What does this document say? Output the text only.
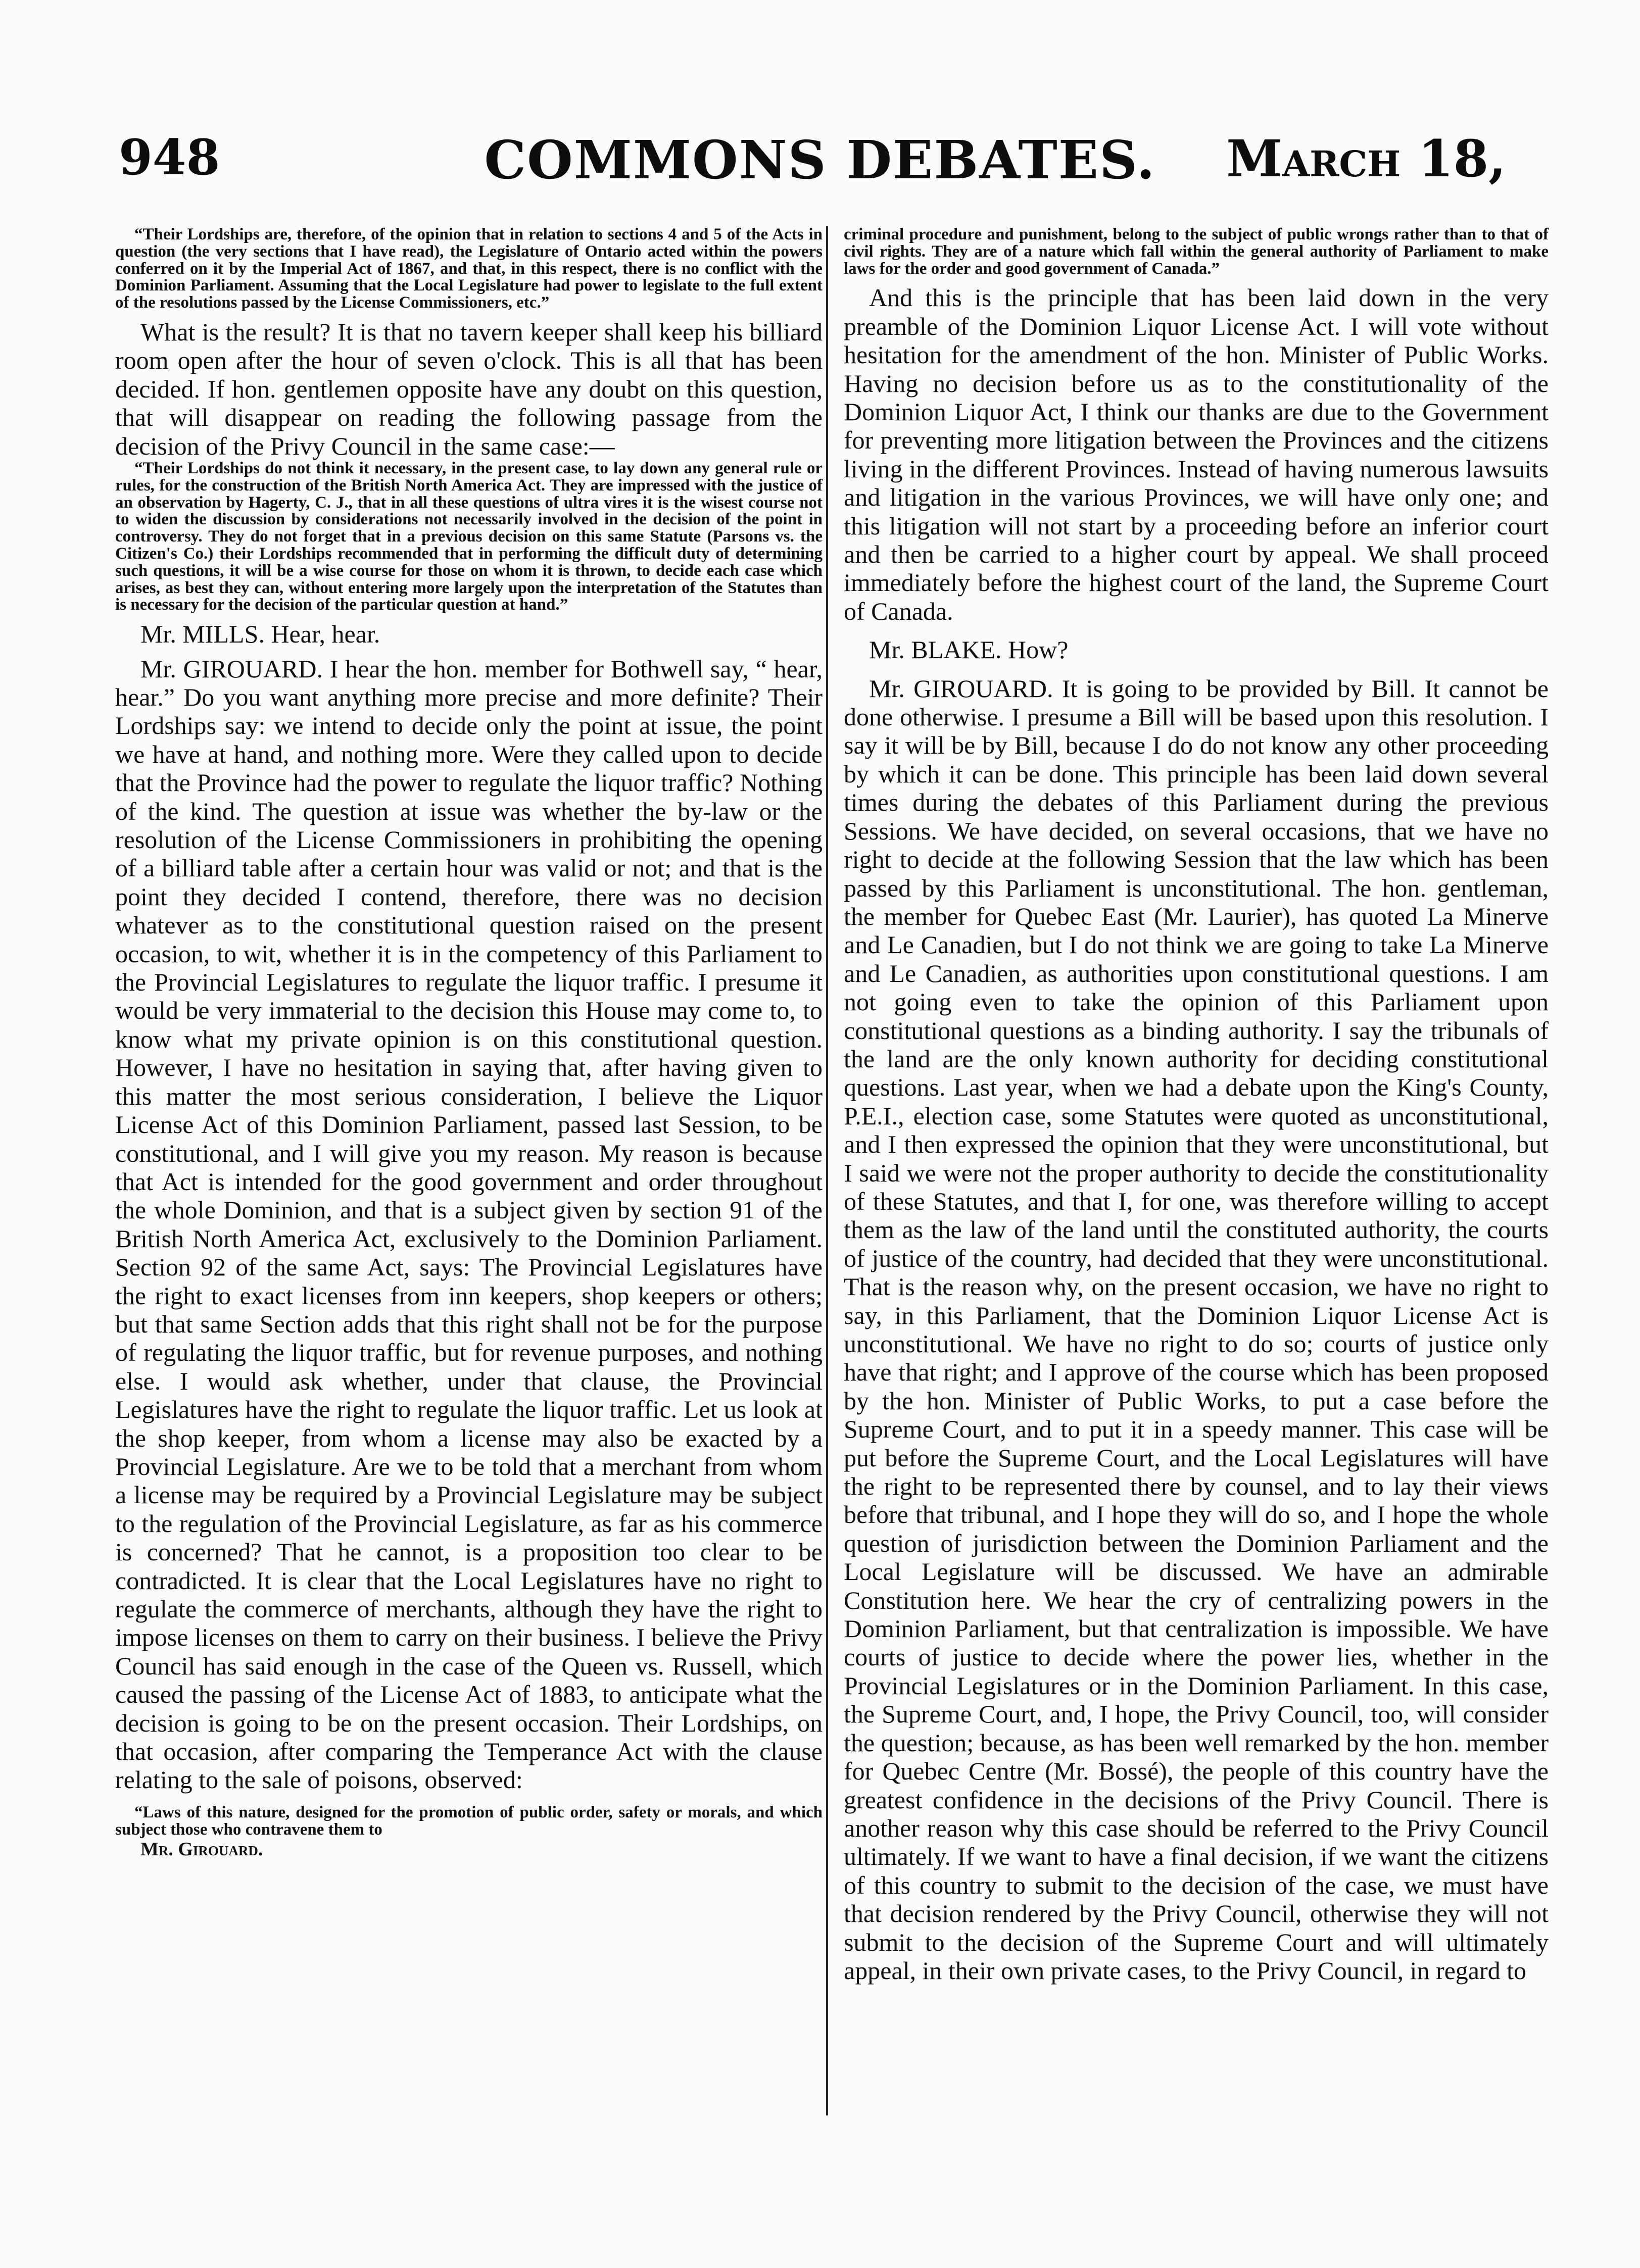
948	COMMONS DEBATES.	March 18,

“Their Lordships are, therefore, of the opinion that in relation to sections 4 and 5 of the Acts in question (the very sections that I have read), the Legislature of Ontario acted within the powers conferred on it by the Imperial Act of 1867, and that, in this respect, there is no conflict with the Dominion Parliament. Assuming that the Local Legislature had power to legislate to the full extent of the resolutions passed by the License Commissioners, etc.”

What is the result? It is that no tavern keeper shall keep his billiard room open after the hour of seven o'clock. This is all that has been decided. If hon. gentlemen opposite have any doubt on this question, that will disappear on reading the following passage from the decision of the Privy Council in the same case:—

“Their Lordships do not think it necessary, in the present case, to lay down any general rule or rules, for the construction of the British North America Act. They are impressed with the justice of an observation by Hagerty, C. J., that in all these questions of ultra vires it is the wisest course not to widen the discussion by considerations not necessarily involved in the decision of the point in controversy. They do not forget that in a previous decision on this same Statute (Parsons vs. the Citizen's Co.) their Lordships recommended that in performing the difficult duty of determining such questions, it will be a wise course for those on whom it is thrown, to decide each case which arises, as best they can, without entering more largely upon the interpretation of the Statutes than is necessary for the decision of the particular question at hand.”

Mr. MILLS. Hear, hear.

Mr. GIROUARD. I hear the hon. member for Bothwell say, “ hear, hear.” Do you want anything more precise and more definite? Their Lordships say: we intend to decide only the point at issue, the point we have at hand, and nothing more. Were they called upon to decide that the Province had the power to regulate the liquor traffic? Nothing of the kind. The question at issue was whether the by-law or the resolution of the License Commissioners in prohibiting the opening of a billiard table after a certain hour was valid or not; and that is the point they decided I contend, therefore, there was no decision whatever as to the constitutional question raised on the present occasion, to wit, whether it is in the competency of this Parliament to the Provincial Legislatures to regulate the liquor traffic. I presume it would be very immaterial to the decision this House may come to, to know what my private opinion is on this constitutional question. However, I have no hesitation in saying that, after having given to this matter the most serious consideration, I believe the Liquor License Act of this Dominion Parliament, passed last Session, to be constitutional, and I will give you my reason. My reason is because that Act is intended for the good government and order throughout the whole Dominion, and that is a subject given by section 91 of the British North America Act, exclusively to the Dominion Parliament. Section 92 of the same Act, says: The Provincial Legislatures have the right to exact licenses from inn keepers, shop keepers or others; but that same Section adds that this right shall not be for the purpose of regulating the liquor traffic, but for revenue purposes, and nothing else. I would ask whether, under that clause, the Provincial Legislatures have the right to regulate the liquor traffic. Let us look at the shop keeper, from whom a license may also be exacted by a Provincial Legislature. Are we to be told that a merchant from whom a license may be required by a Provincial Legislature may be subject to the regulation of the Provincial Legislature, as far as his commerce is concerned? That he cannot, is a proposition too clear to be contradicted. It is clear that the Local Legislatures have no right to regulate the commerce of merchants, although they have the right to impose licenses on them to carry on their business. I believe the Privy Council has said enough in the case of the Queen vs. Russell, which caused the passing of the License Act of 1883, to anticipate what the decision is going to be on the present occasion. Their Lordships, on that occasion, after comparing the Temperance Act with the clause relating to the sale of poisons, observed:

“Laws of this nature, designed for the promotion of public order, safety or morals, and which subject those who contravene them to

Mr. Girouard.

criminal procedure and punishment, belong to the subject of public wrongs rather than to that of civil rights. They are of a nature which fall within the general authority of Parliament to make laws for the order and good government of Canada.”

And this is the principle that has been laid down in the very preamble of the Dominion Liquor License Act. I will vote without hesitation for the amendment of the hon. Minister of Public Works. Having no decision before us as to the constitutionality of the Dominion Liquor Act, I think our thanks are due to the Government for preventing more litigation between the Provinces and the citizens living in the different Provinces. Instead of having numerous lawsuits and litigation in the various Provinces, we will have only one; and this litigation will not start by a proceeding before an inferior court and then be carried to a higher court by appeal. We shall proceed immediately before the highest court of the land, the Supreme Court of Canada.

Mr. BLAKE. How?

Mr. GIROUARD. It is going to be provided by Bill. It cannot be done otherwise. I presume a Bill will be based upon this resolution. I say it will be by Bill, because I do do not know any other proceeding by which it can be done. This principle has been laid down several times during the debates of this Parliament during the previous Sessions. We have decided, on several occasions, that we have no right to decide at the following Session that the law which has been passed by this Parliament is unconstitutional. The hon. gentleman, the member for Quebec East (Mr. Laurier), has quoted La Minerve and Le Canadien, but I do not think we are going to take La Minerve and Le Canadien, as authorities upon constitutional questions. I am not going even to take the opinion of this Parliament upon constitutional questions as a binding authority. I say the tribunals of the land are the only known authority for deciding constitutional questions. Last year, when we had a debate upon the King's County, P.E.I., election case, some Statutes were quoted as unconstitutional, and I then expressed the opinion that they were unconstitutional, but I said we were not the proper authority to decide the constitutionality of these Statutes, and that I, for one, was therefore willing to accept them as the law of the land until the constituted authority, the courts of justice of the country, had decided that they were unconstitutional. That is the reason why, on the present occasion, we have no right to say, in this Parliament, that the Dominion Liquor License Act is unconstitutional. We have no right to do so; courts of justice only have that right; and I approve of the course which has been proposed by the hon. Minister of Public Works, to put a case before the Supreme Court, and to put it in a speedy manner. This case will be put before the Supreme Court, and the Local Legislatures will have the right to be represented there by counsel, and to lay their views before that tribunal, and I hope they will do so, and I hope the whole question of jurisdiction between the Dominion Parliament and the Local Legislature will be discussed. We have an admirable Constitution here. We hear the cry of centralizing powers in the Dominion Parliament, but that centralization is impossible. We have courts of justice to decide where the power lies, whether in the Provincial Legislatures or in the Dominion Parliament. In this case, the Supreme Court, and, I hope, the Privy Council, too, will consider the question; because, as has been well remarked by the hon. member for Quebec Centre (Mr. Bossé), the people of this country have the greatest confidence in the decisions of the Privy Council. There is another reason why this case should be referred to the Privy Council ultimately. If we want to have a final decision, if we want the citizens of this country to submit to the decision of the case, we must have that decision rendered by the Privy Council, otherwise they will not submit to the decision of the Supreme Court and will ultimately appeal, in their own private cases, to the Privy Council, in regard to
